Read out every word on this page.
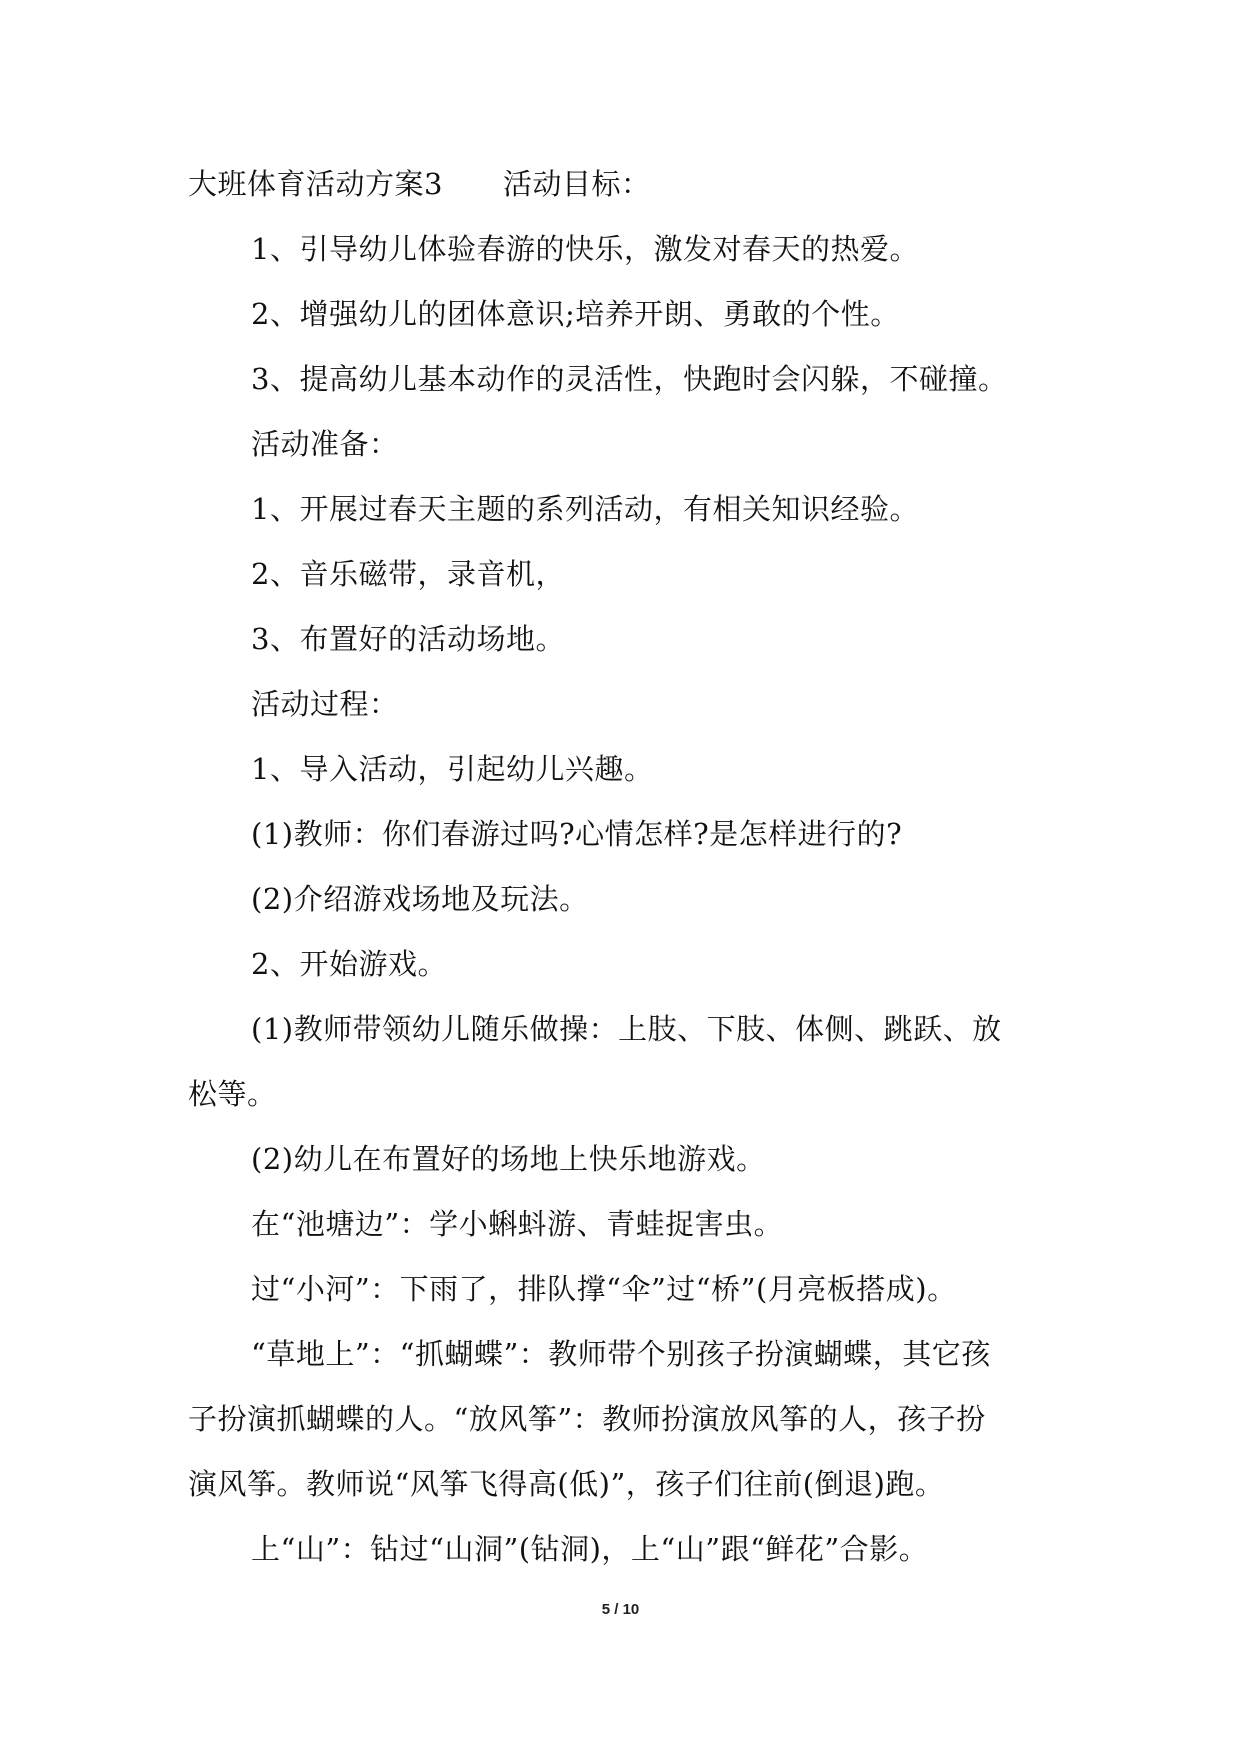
大班体育活动方案3 活动目标：
1、引导幼儿体验春游的快乐，激发对春天的热爱。
2、增强幼儿的团体意识;培养开朗、勇敢的个性。
3、提高幼儿基本动作的灵活性，快跑时会闪躲，不碰撞。
活动准备：
1、开展过春天主题的系列活动，有相关知识经验。
2、音乐磁带，录音机，
3、布置好的活动场地。
活动过程：
1、导入活动，引起幼儿兴趣。
(1)教师：你们春游过吗?心情怎样?是怎样进行的?
(2)介绍游戏场地及玩法。
2、开始游戏。
(1)教师带领幼儿随乐做操：上肢、下肢、体侧、跳跃、放
松等。
(2)幼儿在布置好的场地上快乐地游戏。
在“池塘边”：学小蝌蚪游、青蛙捉害虫。
过“小河”：下雨了，排队撑“伞”过“桥”(月亮板搭成)。
“草地上”：“抓蝴蝶”：教师带个别孩子扮演蝴蝶，其它孩
子扮演抓蝴蝶的人。“放风筝”：教师扮演放风筝的人，孩子扮
演风筝。教师说“风筝飞得高(低)”，孩子们往前(倒退)跑。
上“山”：钻过“山洞”(钻洞)，上“山”跟“鲜花”合影。
5 / 10
